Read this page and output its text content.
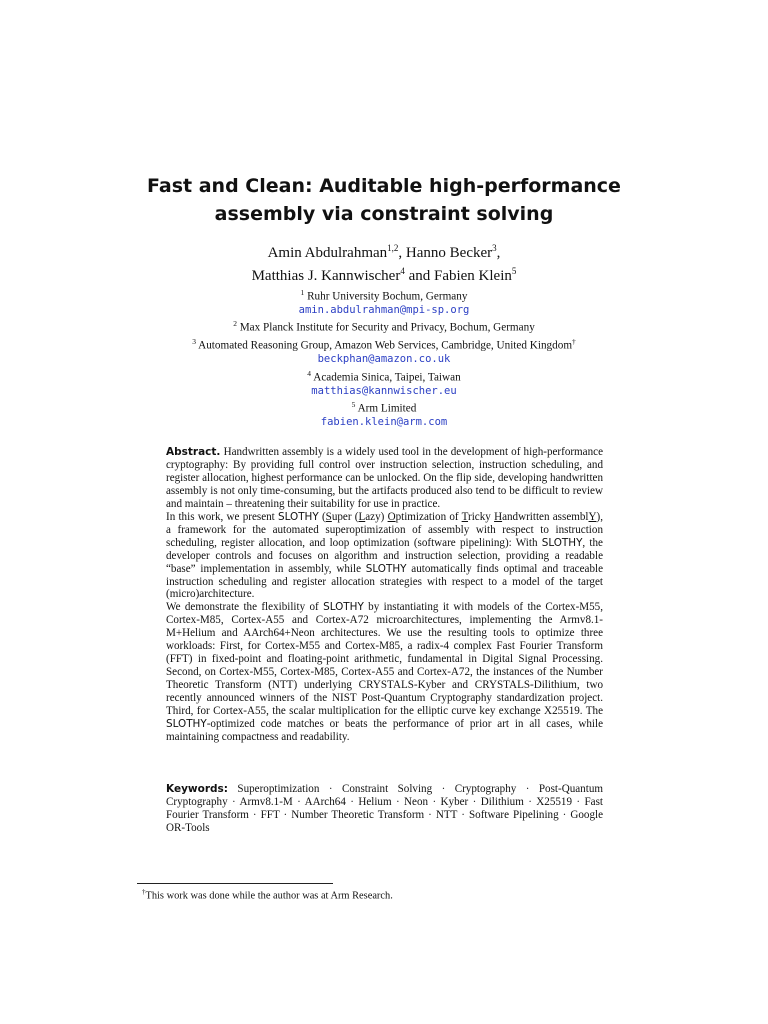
Fast and Clean: Auditable high-performance assembly via constraint solving
Amin Abdulrahman$^{1,2}$, Hanno Becker$^3$,
Matthias J. Kannwischer$^4$ and Fabien Klein$^5$
$^1$ Ruhr University Bochum, Germany
amin.abdulrahman@mpi-sp.org
$^2$ Max Planck Institute for Security and Privacy, Bochum, Germany
$^3$ Automated Reasoning Group, Amazon Web Services, Cambridge, United Kingdom†
beckphan@amazon.co.uk
$^4$ Academia Sinica, Taipei, Taiwan
matthias@kannwischer.eu
$^5$ Arm Limited
fabien.klein@arm.com

Abstract. Handwritten assembly is a widely used tool in the development of high-performance cryptography: By providing full control over instruction selection, instruction scheduling, and register allocation, highest performance can be unlocked. On the flip side, developing handwritten assembly is not only time-consuming, but the artifacts produced also tend to be difficult to review and maintain – threatening their suitability for use in practice.

In this work, we present SLOTHY (Super (Lazy) Optimization of Tricky Handwritten assemblY), a framework for the automated superoptimization of assembly with respect to instruction scheduling, register allocation, and loop optimization (software pipelining): With SLOTHY, the developer controls and focuses on algorithm and instruction selection, providing a readable “base” implementation in assembly, while SLOTHY automatically finds optimal and traceable instruction scheduling and register allocation strategies with respect to a model of the target (micro)architecture.

We demonstrate the flexibility of SLOTHY by instantiating it with models of the Cortex-M55, Cortex-M85, Cortex-A55 and Cortex-A72 microarchitectures, implementing the Armv8.1-M+Helium and AArch64+Neon architectures. We use the resulting tools to optimize three workloads: First, for Cortex-M55 and Cortex-M85, a radix-4 complex Fast Fourier Transform (FFT) in fixed-point and floating-point arithmetic, fundamental in Digital Signal Processing. Second, on Cortex-M55, Cortex-M85, Cortex-A55 and Cortex-A72, the instances of the Number Theoretic Transform (NTT) underlying CRYSTALS-Kyber and CRYSTALS-Dilithium, two recently announced winners of the NIST Post-Quantum Cryptography standardization project. Third, for Cortex-A55, the scalar multiplication for the elliptic curve key exchange X25519. The SLOTHY-optimized code matches or beats the performance of prior art in all cases, while maintaining compactness and readability.

Keywords: Superoptimization · Constraint Solving · Cryptography · Post-Quantum Cryptography · Armv8.1-M · AArch64 · Helium · Neon · Kyber · Dilithium · X25519 · Fast Fourier Transform · FFT · Number Theoretic Transform · NTT · Software Pipelining · Google OR-Tools
†This work was done while the author was at Arm Research.
